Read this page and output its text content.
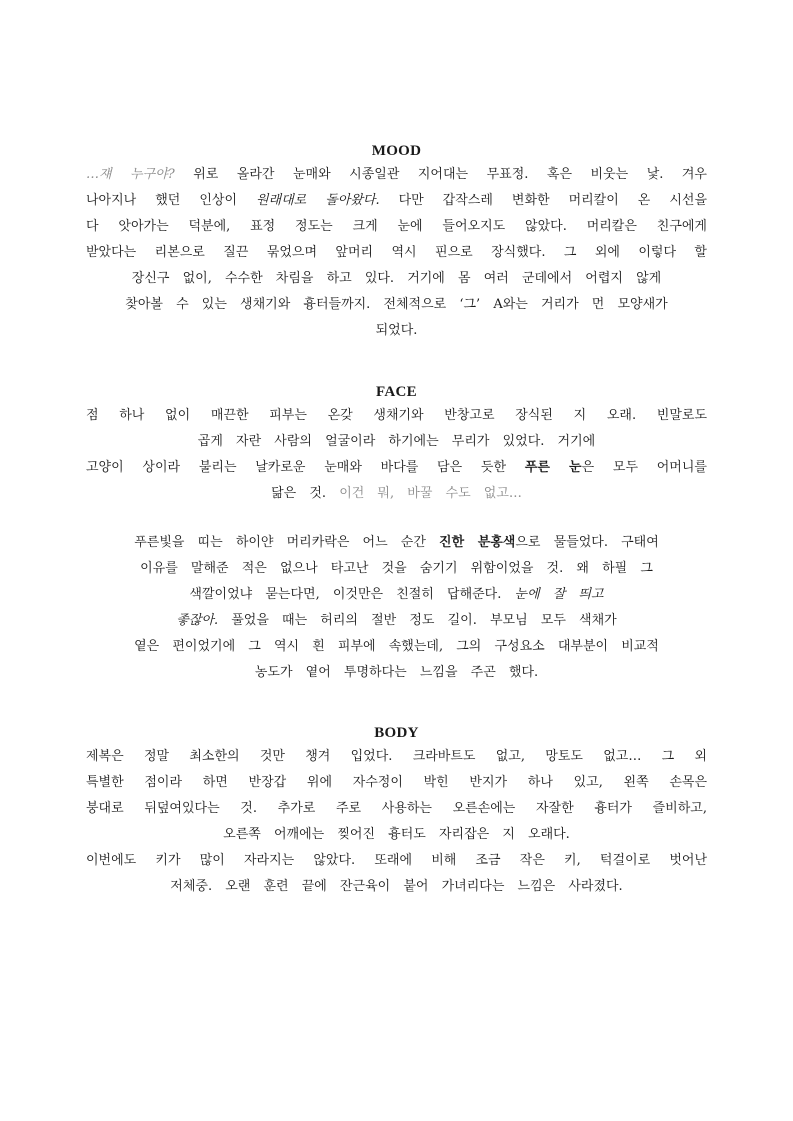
MOOD
…쟤 누구야? 위로 올라간 눈매와 시종일관 지어대는 무표정. 혹은 비웃는 낯. 겨우
나아지나 했던 인상이 원래대로 돌아왔다. 다만 갑작스레 변화한 머리칼이 온 시선을
다 앗아가는 덕분에, 표정 정도는 크게 눈에 들어오지도 않았다. 머리칼은 친구에게
받았다는 리본으로 질끈 묶었으며 앞머리 역시 핀으로 장식했다. 그 외에 이렇다 할
장신구 없이, 수수한 차림을 하고 있다. 거기에 몸 여러 군데에서 어렵지 않게
찾아볼 수 있는 생채기와 흉터들까지. 전체적으로 ‘그’ A와는 거리가 먼 모양새가
되었다.
FACE
점 하나 없이 매끈한 피부는 온갖 생채기와 반창고로 장식된 지 오래. 빈말로도
곱게 자란 사람의 얼굴이라 하기에는 무리가 있었다. 거기에
고양이 상이라 불리는 날카로운 눈매와 바다를 담은 듯한 푸른 눈은 모두 어머니를
닮은 것. 이건 뭐, 바꿀 수도 없고…
푸른빛을 띠는 하이얀 머리카락은 어느 순간 진한 분홍색으로 물들었다. 구태여
이유를 말해준 적은 없으나 타고난 것을 숨기기 위함이었을 것. 왜 하필 그
색깔이었냐 묻는다면, 이것만은 친절히 답해준다. 눈에 잘 띄고
좋잖아. 풀었을 때는 허리의 절반 정도 길이. 부모님 모두 색채가
옅은 편이었기에 그 역시 흰 피부에 속했는데, 그의 구성요소 대부분이 비교적
농도가 옅어 투명하다는 느낌을 주곤 했다.
BODY
제복은 정말 최소한의 것만 챙겨 입었다. 크라바트도 없고, 망토도 없고… 그 외
특별한 점이라 하면 반장갑 위에 자수정이 박힌 반지가 하나 있고, 왼쪽 손목은
붕대로 뒤덮여있다는 것. 추가로 주로 사용하는 오른손에는 자잘한 흉터가 즐비하고,
오른쪽 어깨에는 찢어진 흉터도 자리잡은 지 오래다.
이번에도 키가 많이 자라지는 않았다. 또래에 비해 조금 작은 키, 턱걸이로 벗어난
저체중. 오랜 훈련 끝에 잔근육이 붙어 가녀리다는 느낌은 사라졌다.
